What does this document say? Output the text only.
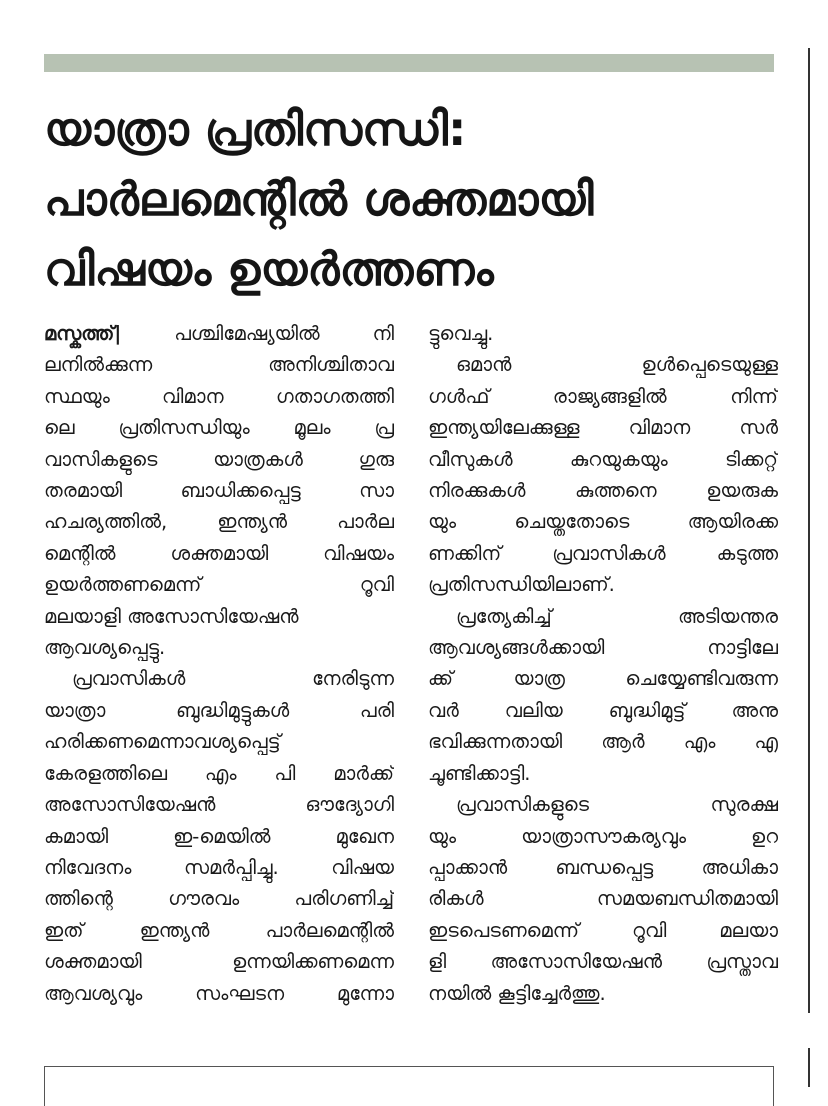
യാത്രാ പ്രതിസന്ധി:
പാർലമെന്റിൽ ശക്തമായി
വിഷയം ഉയർത്തണം
മസ്കത്ത്|	പശ്ചിമേഷ്യയിൽ നി
ലനിൽക്കുന്ന അനിശ്ചിതാവ
സ്ഥയും വിമാന ഗതാഗതത്തി
ലെ പ്രതിസന്ധിയും മൂലം പ്ര
വാസികളുടെ യാത്രകൾ ഗുരു
തരമായി ബാധിക്കപ്പെട്ട സാ
ഹചര്യത്തിൽ, ഇന്ത്യൻ പാർല
മെന്റിൽ ശക്തമായി വിഷയം
ഉയർത്തണമെന്ന് റൂവി
മലയാളി അസോസിയേഷൻ
ആവശ്യപ്പെട്ടു.
പ്രവാസികൾ നേരിടുന്ന
യാത്രാ ബുദ്ധിമുട്ടുകൾ പരി
ഹരിക്കണമെന്നാവശ്യപ്പെട്ട്
കേരളത്തിലെ എം പി മാർക്ക്
അസോസിയേഷൻ ഔദ്യോഗി
കമായി ഇ-മെയിൽ മുഖേന
നിവേദനം സമർപ്പിച്ചു. വിഷയ
ത്തിന്റെ ഗൗരവം പരിഗണിച്ച്
ഇത് ഇന്ത്യൻ പാർലമെന്റിൽ
ശക്തമായി ഉന്നയിക്കണമെന്ന
ആവശ്യവും സംഘടന മുന്നോ
ട്ടുവെച്ചു.
ഒമാൻ ഉൾപ്പെടെയുള്ള
ഗൾഫ് രാജ്യങ്ങളിൽ നിന്ന്
ഇന്ത്യയിലേക്കുള്ള വിമാന സർ
വീസുകൾ കുറയുകയും ടിക്കറ്റ്
നിരക്കുകൾ കുത്തനെ ഉയരുക
യും ചെയ്തതോടെ ആയിരക്ക
ണക്കിന് പ്രവാസികൾ കടുത്ത
പ്രതിസന്ധിയിലാണ്.
പ്രത്യേകിച്ച് അടിയന്തര
ആവശ്യങ്ങൾക്കായി നാട്ടിലേ
ക്ക് യാത്ര ചെയ്യേണ്ടിവരുന്ന
വർ വലിയ ബുദ്ധിമുട്ട് അനു
ഭവിക്കുന്നതായി ആർ എം എ
ചൂണ്ടിക്കാട്ടി.
പ്രവാസികളുടെ സുരക്ഷ
യും യാത്രാസൗകര്യവും ഉറ
പ്പാക്കാൻ ബന്ധപ്പെട്ട അധികാ
രികൾ സമയബന്ധിതമായി
ഇടപെടണമെന്ന് റൂവി മലയാ
ളി അസോസിയേഷൻ പ്രസ്താവ
നയിൽ കൂട്ടിച്ചേർത്തു.
